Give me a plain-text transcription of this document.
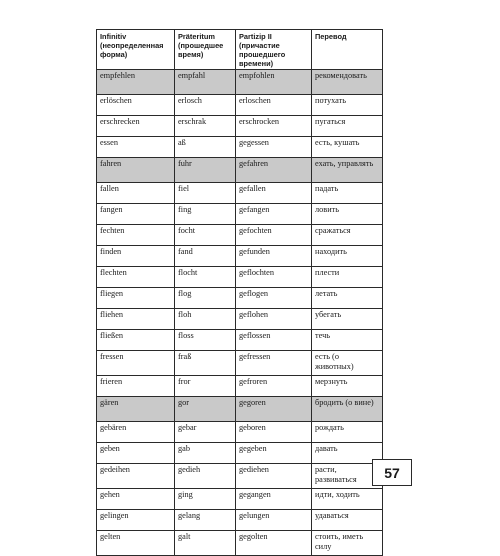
Infinitiv (неопределенная форма)	Präteritum (прошедшее время)	Partizip II (причастие прошедшего времени)	Перевод
empfehlen	empfahl	empfohlen	рекомендовать
erlöschen	erlosch	erloschen	потухать
erschrecken	erschrak	erschrocken	пугаться
essen	aß	gegessen	есть, кушать
fahren	fuhr	gefahren	ехать, управлять
fallen	fiel	gefallen	падать
fangen	fing	gefangen	ловить
fechten	focht	gefochten	сражаться
finden	fand	gefunden	находить
flechten	flocht	geflochten	плести
fliegen	flog	geflogen	летать
fliehen	floh	geflohen	убегать
fließen	floss	geflossen	течь
fressen	fraß	gefressen	есть (о животных)
frieren	fror	gefroren	мерзнуть
gären	gor	gegoren	бродить (о вине)
gebären	gebar	geboren	рождать
geben	gab	gegeben	давать
gedeihen	gedieh	gediehen	расти, развиваться
gehen	ging	gegangen	идти, ходить
gelingen	gelang	gelungen	удаваться
gelten	galt	gegolten	стоить, иметь силу
57
